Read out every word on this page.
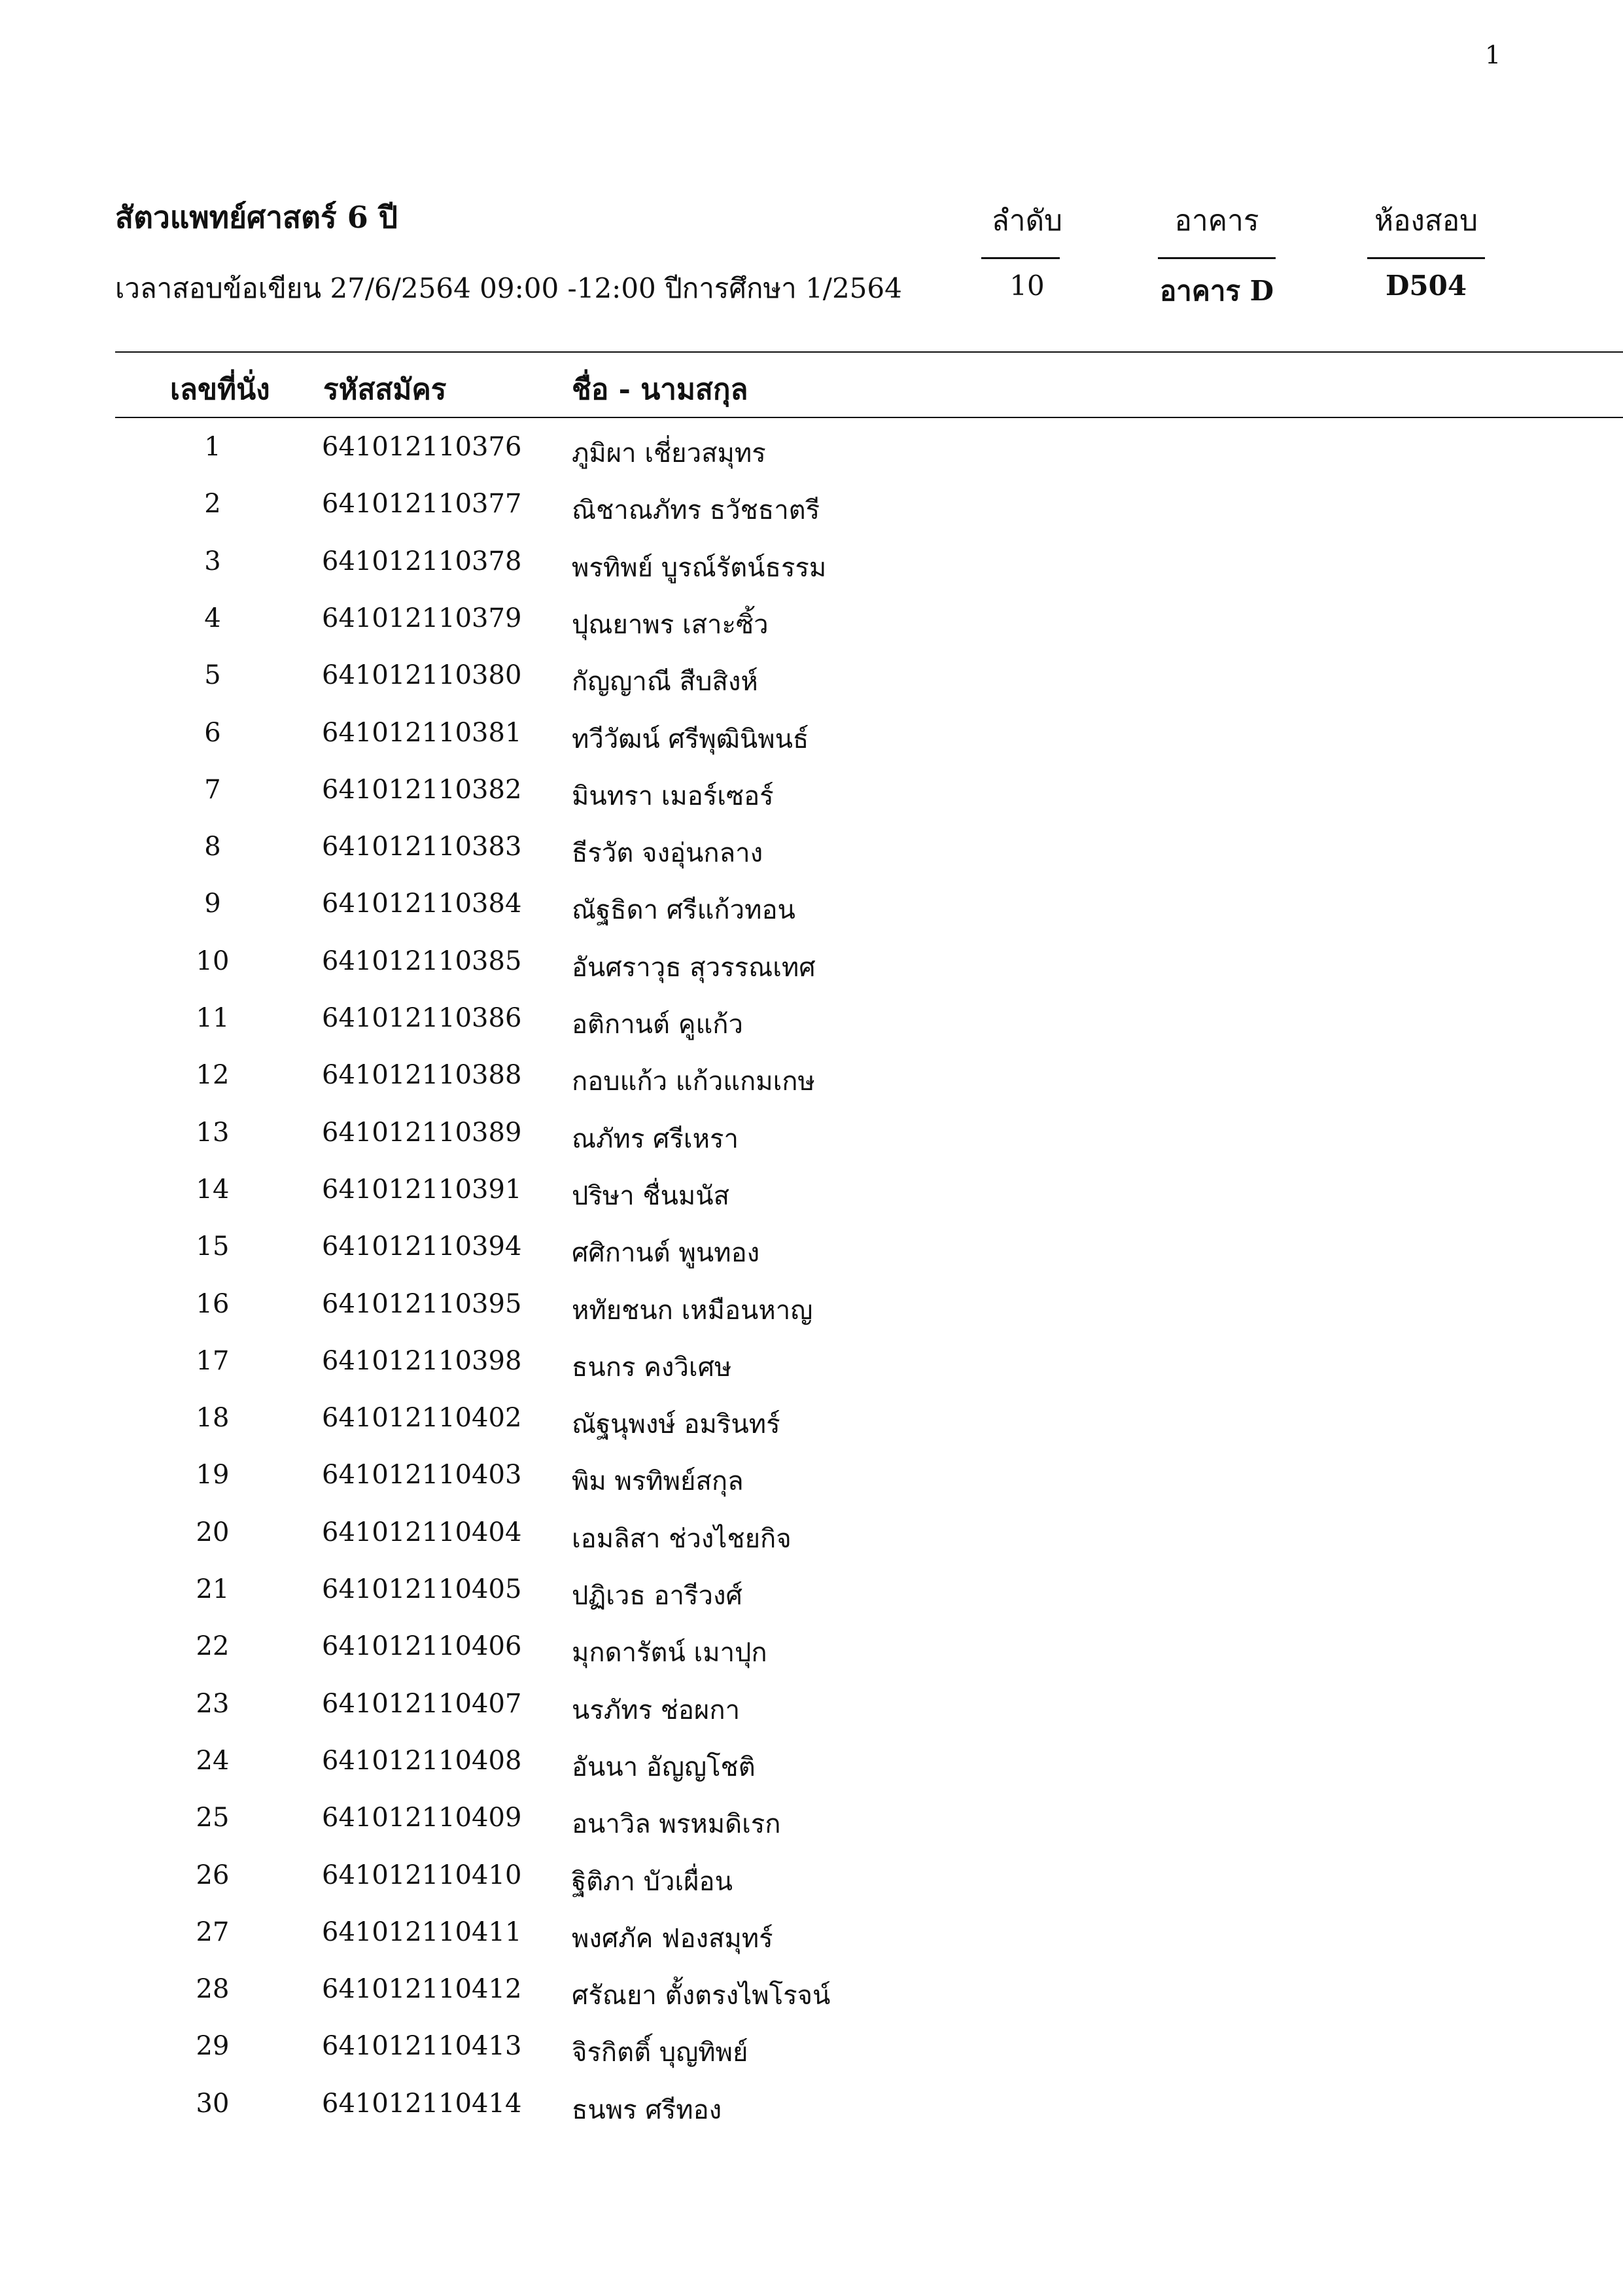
1
สัตวแพทย์ศาสตร์ 6 ปี
เวลาสอบข้อเขียน 27/6/2564 09:00 -12:00 ปีการศึกษา 1/2564
ลำดับ
10
อาคาร
อาคาร D
ห้องสอบ
D504
เลขที่นั่ง รหัสสมัคร	ชื่อ - นามสกุล
1	641012110376 ภูมิผา เชี่ยวสมุทร
2	641012110377 ณิชาณภัทร ธวัชธาตรี
3	641012110378 พรทิพย์ บูรณ์รัตน์ธรรม
4	641012110379 ปุณยาพร เสาะซิ้ว
5	641012110380 กัญญาณี สืบสิงห์
6	641012110381 ทวีวัฒน์ ศรีพุฒินิพนธ์
7	641012110382 มินทรา เมอร์เซอร์
8	641012110383 ธีรวัต จงอุ่นกลาง
9	641012110384 ณัฐธิดา ศรีแก้วทอน
10	641012110385 อันศราวุธ สุวรรณเทศ
11	641012110386 อติกานต์ คูแก้ว
12	641012110388 กอบแก้ว แก้วแกมเกษ
13	641012110389 ณภัทร ศรีเหรา
14	641012110391 ปริษา ชื่นมนัส
15	641012110394 ศศิกานต์ พูนทอง
16	641012110395 หทัยชนก เหมือนหาญ
17	641012110398 ธนกร คงวิเศษ
18	641012110402 ณัฐนุพงษ์ อมรินทร์
19	641012110403 พิม พรทิพย์สกุล
20	641012110404 เอมลิสา ช่วงไชยกิจ
21	641012110405 ปฏิเวธ อารีวงศ์
22	641012110406 มุกดารัตน์ เมาปุก
23	641012110407 นรภัทร ช่อผกา
24	641012110408 อันนา อัญญโชติ
25	641012110409 อนาวิล พรหมดิเรก
26	641012110410 ฐิติภา บัวเผื่อน
27	641012110411 พงศภัค ฟองสมุทร์
28	641012110412 ศรัณยา ตั้งตรงไพโรจน์
29	641012110413 จิรกิตติ์ บุญทิพย์
30	641012110414 ธนพร ศรีทอง
